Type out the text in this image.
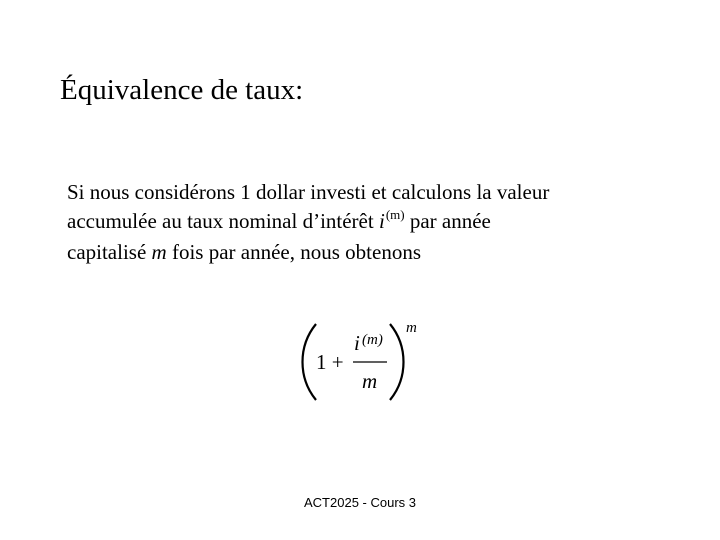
Équivalence de taux:
Si nous considérons 1 dollar investi et calculons la valeur
accumulée au taux nominal d’intérêt $i^{(m)}$ par année
capitalisé m fois par année, nous obtenons
1 +
i (m)
m
m
ACT2025 - Cours 3
